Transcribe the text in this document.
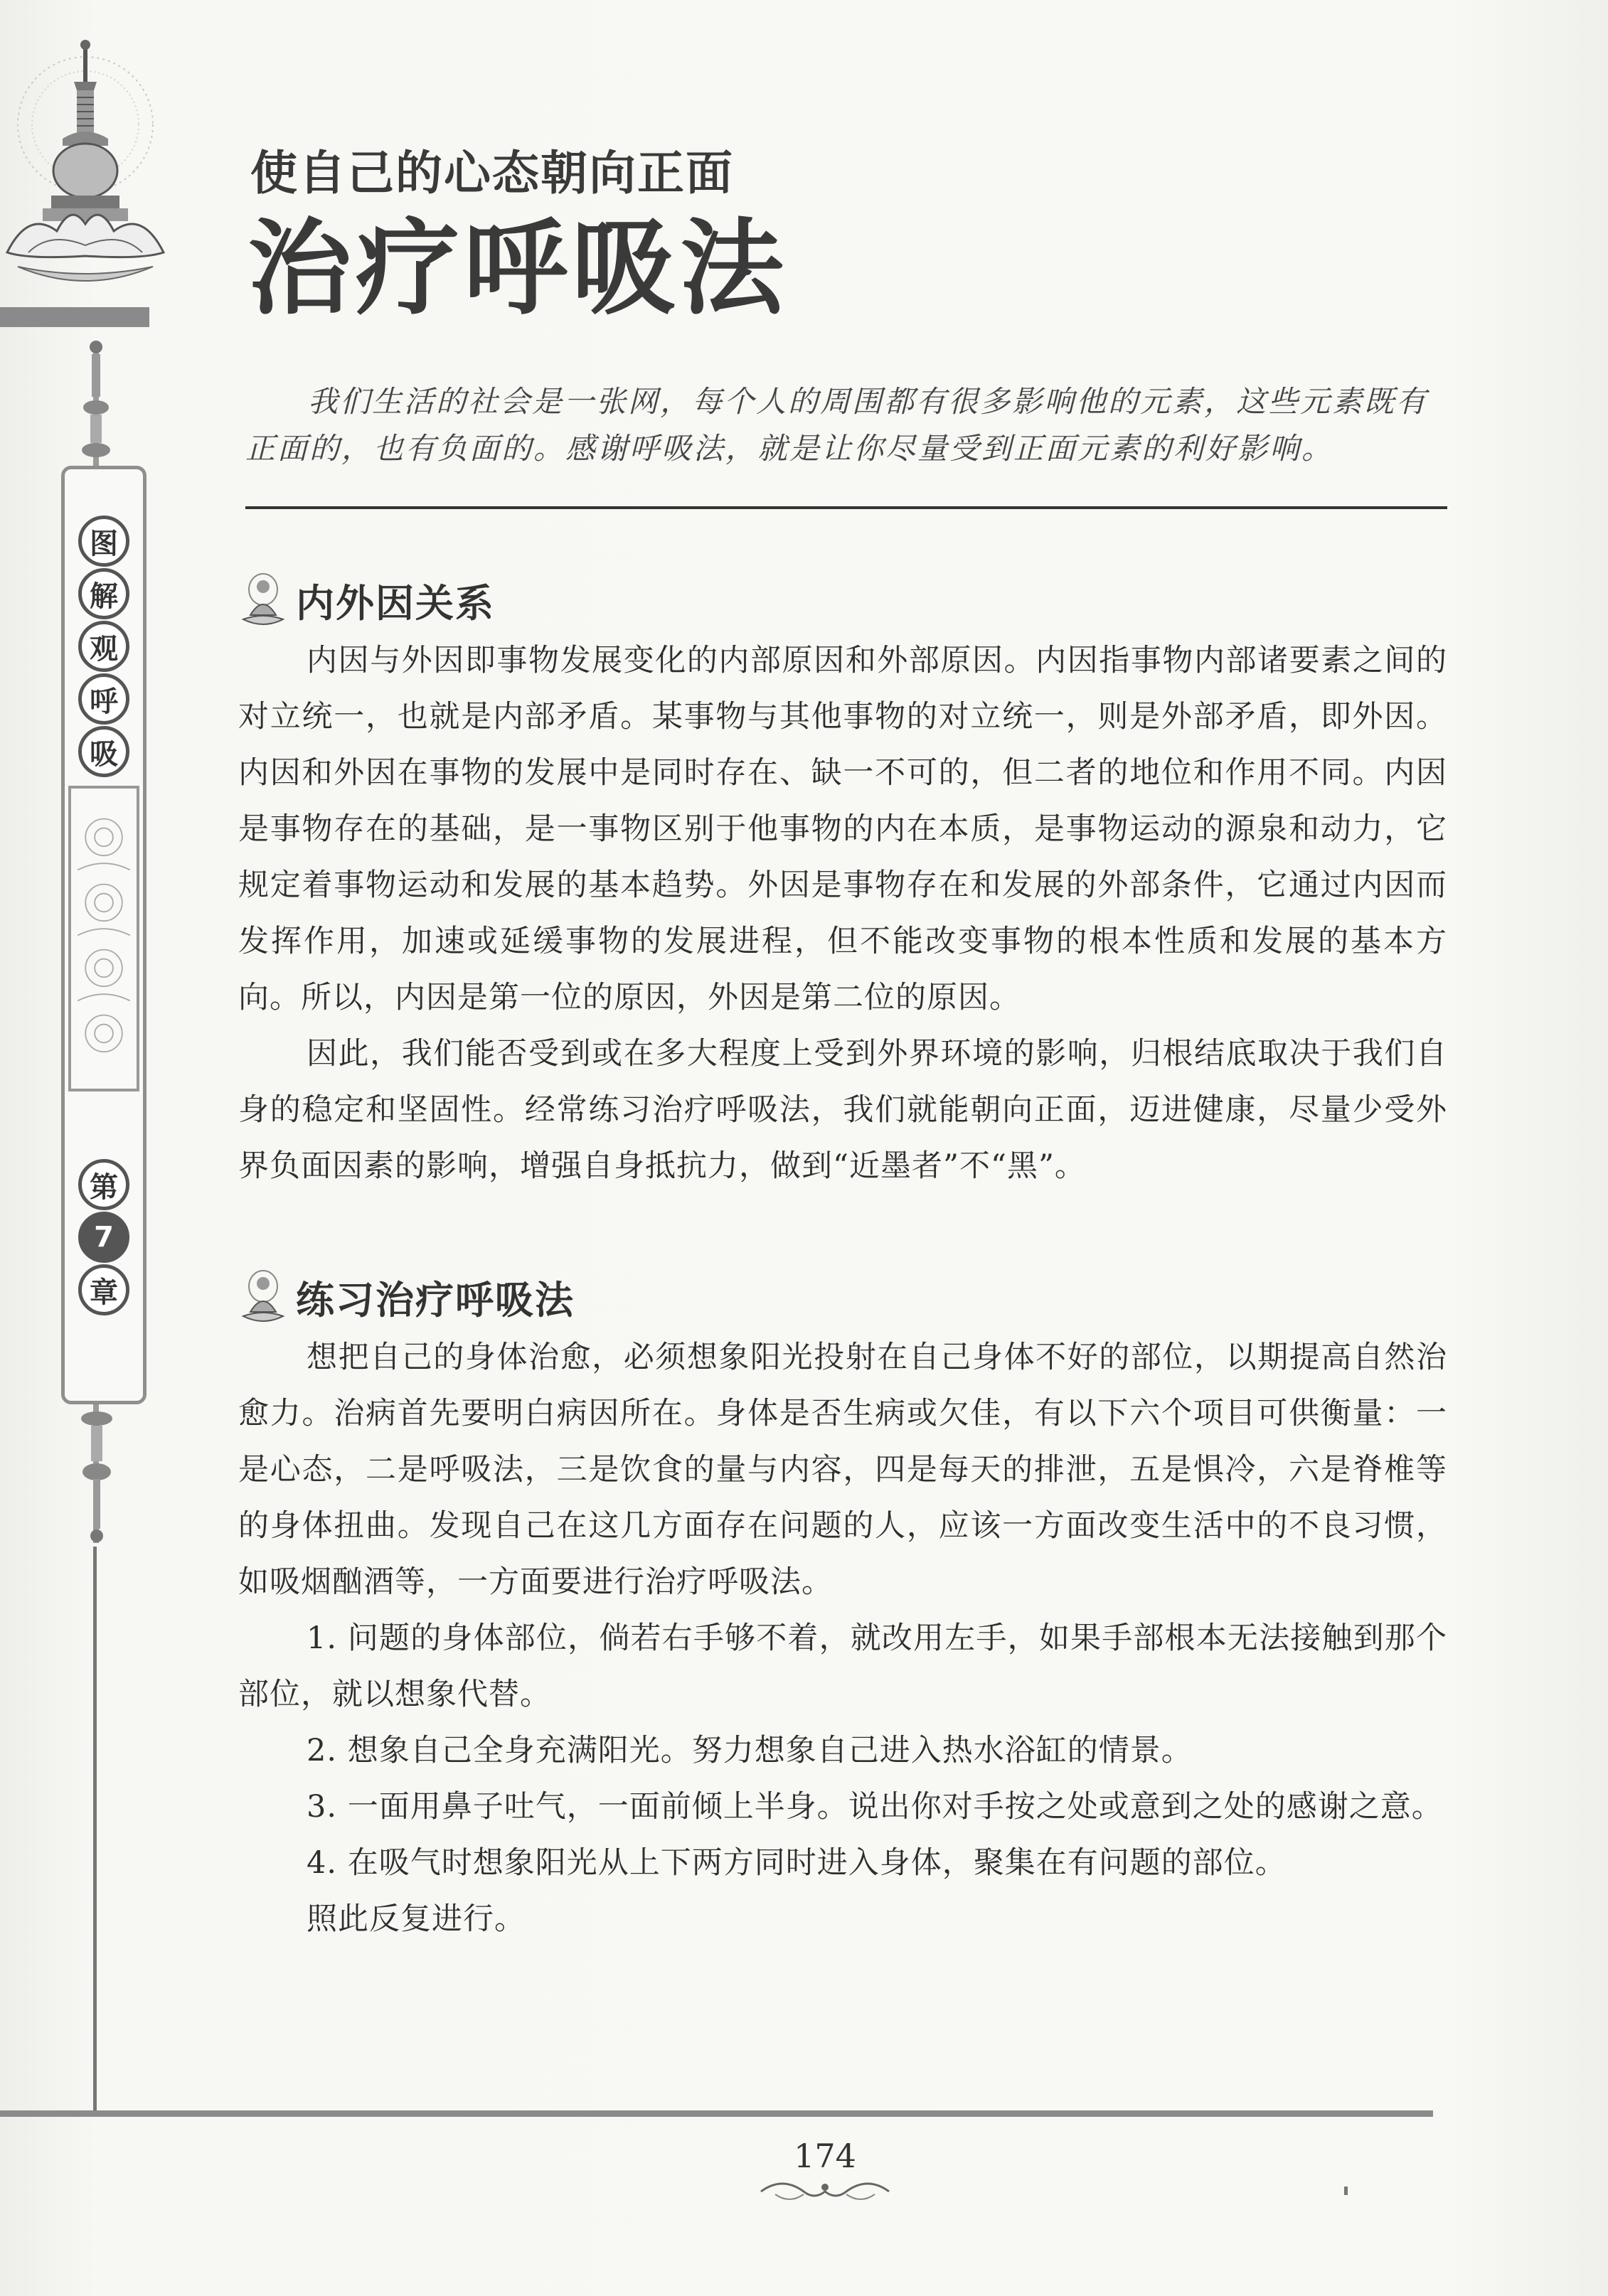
图
解
观
呼
吸
第
7
章
使自己的心态朝向正面
治疗呼吸法

我们生活的社会是一张网，每个人的周围都有很多影响他的元素，这些元素既有正面的，也有负面的。感谢呼吸法，就是让你尽量受到正面元素的利好影响。

内外因关系

内因与外因即事物发展变化的内部原因和外部原因。内因指事物内部诸要素之间的对立统一，也就是内部矛盾。某事物与其他事物的对立统一，则是外部矛盾，即外因。内因和外因在事物的发展中是同时存在、缺一不可的，但二者的地位和作用不同。内因是事物存在的基础，是一事物区别于他事物的内在本质，是事物运动的源泉和动力，它规定着事物运动和发展的基本趋势。外因是事物存在和发展的外部条件，它通过内因而发挥作用，加速或延缓事物的发展进程，但不能改变事物的根本性质和发展的基本方向。所以，内因是第一位的原因，外因是第二位的原因。

因此，我们能否受到或在多大程度上受到外界环境的影响，归根结底取决于我们自身的稳定和坚固性。经常练习治疗呼吸法，我们就能朝向正面，迈进健康，尽量少受外界负面因素的影响，增强自身抵抗力，做到“近墨者”不“黑”。

练习治疗呼吸法

想把自己的身体治愈，必须想象阳光投射在自己身体不好的部位，以期提高自然治愈力。治病首先要明白病因所在。身体是否生病或欠佳，有以下六个项目可供衡量：一是心态，二是呼吸法，三是饮食的量与内容，四是每天的排泄，五是惧冷，六是脊椎等的身体扭曲。发现自己在这几方面存在问题的人，应该一方面改变生活中的不良习惯，如吸烟酗酒等，一方面要进行治疗呼吸法。

1. 问题的身体部位，倘若右手够不着，就改用左手，如果手部根本无法接触到那个部位，就以想象代替。

2. 想象自己全身充满阳光。努力想象自己进入热水浴缸的情景。

3. 一面用鼻子吐气，一面前倾上半身。说出你对手按之处或意到之处的感谢之意。

4. 在吸气时想象阳光从上下两方同时进入身体，聚集在有问题的部位。

照此反复进行。

174
